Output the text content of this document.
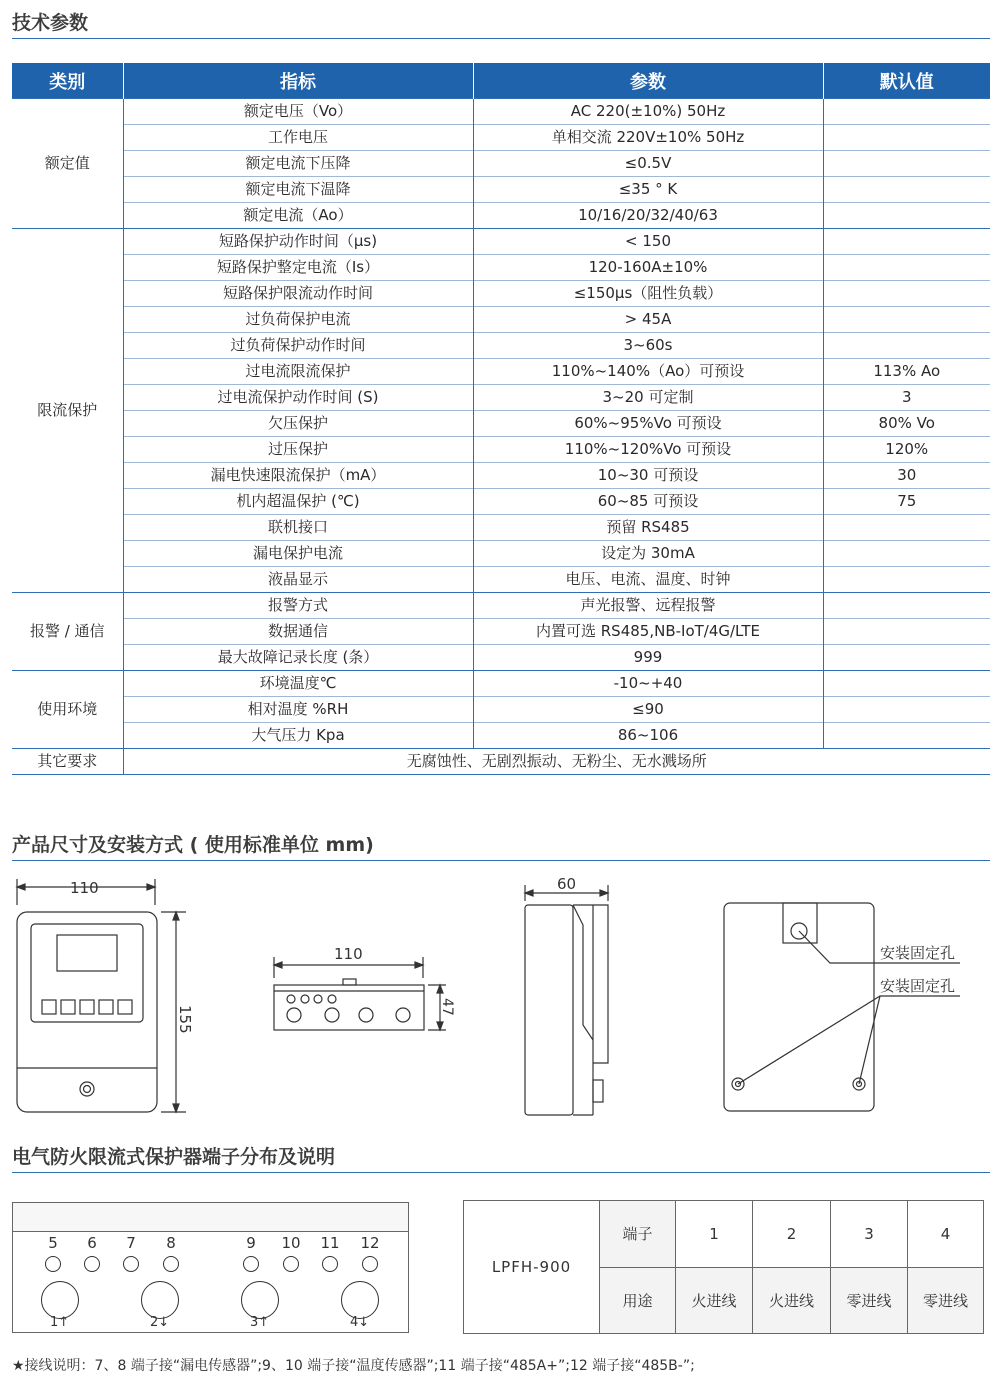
技术参数
类别	指标	参数	默认值
额定值	额定电压（Vo）	AC 220(±10%) 50Hz	
	工作电压	单相交流 220V±10% 50Hz	
	额定电流下压降	≤0.5V	
	额定电流下温降	≤35 ° K	
	额定电流（Ao）	10/16/20/32/40/63	
限流保护	短路保护动作时间（μs)	< 150	
	短路保护整定电流（Is）	120-160A±10%	
	短路保护限流动作时间	≤150μs（阻性负载）	
	过负荷保护电流	> 45A	
	过负荷保护动作时间	3~60s	
	过电流限流保护	110%~140%（Ao）可预设	113% Ao
	过电流保护动作时间 (S)	3~20 可定制	3
	欠压保护	60%~95%Vo 可预设	80% Vo
	过压保护	110%~120%Vo 可预设	120%
	漏电快速限流保护（mA）	10~30 可预设	30
	机内超温保护 (℃)	60~85 可预设	75
	联机接口	预留 RS485	
	漏电保护电流	设定为 30mA	
	液晶显示	电压、电流、温度、时钟	
报警 / 通信	报警方式	声光报警、远程报警	
	数据通信	内置可选 RS485,NB-IoT/4G/LTE	
	最大故障记录长度 (条）	999	
使用环境	环境温度℃	-10~+40	
	相对温度 %RH	≤90	
	大气压力 Kpa	86~106	
其它要求	无腐蚀性、无剧烈振动、无粉尘、无水溅场所		
产品尺寸及安装方式 ( 使用标准单位 mm)
110
155
110
47
60
安装固定孔
安装固定孔
电气防火限流式保护器端子分布及说明
5	6	7	8	9	10 11 12
1↑	2↓	3↑	4↓
LPFH-900	端子	1	2	3	4
	用途	火进线	火进线	零进线	零进线
★接线说明：7、8 端子接“漏电传感器”;9、10 端子接“温度传感器”;11 端子接“485A+”;12 端子接“485B-”;
